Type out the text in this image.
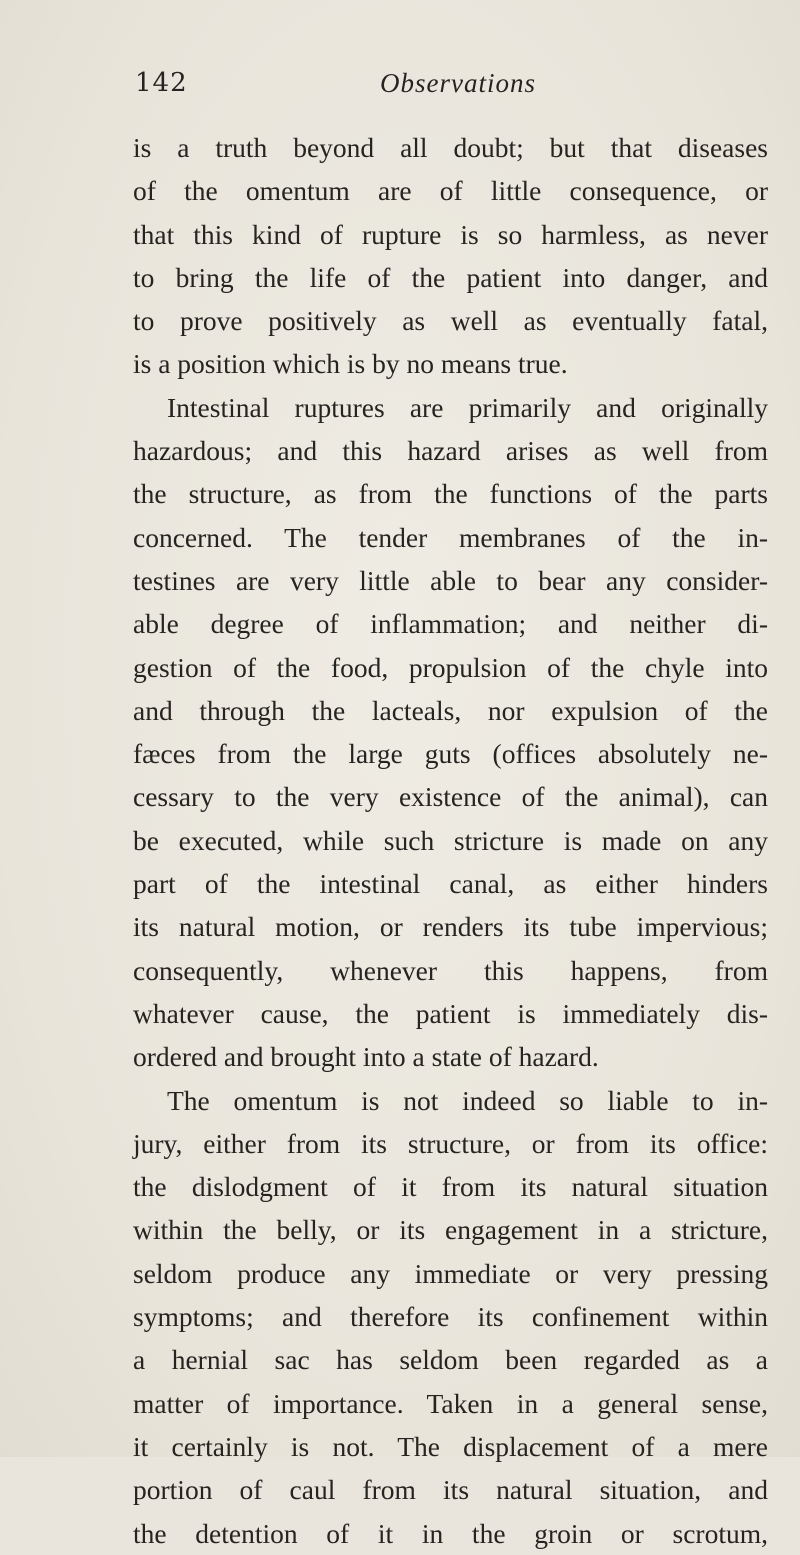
142	Observations
is a truth beyond all doubt; but that diseases
of the omentum are of little consequence, or
that this kind of rupture is so harmless, as never
to bring the life of the patient into danger, and
to prove positively as well as eventually fatal,
is a position which is by no means true.
Intestinal ruptures are primarily and originally
hazardous; and this hazard arises as well from
the structure, as from the functions of the parts
concerned. The tender membranes of the in-
testines are very little able to bear any consider-
able degree of inflammation; and neither di-
gestion of the food, propulsion of the chyle into
and through the lacteals, nor expulsion of the
fæces from the large guts (offices absolutely ne-
cessary to the very existence of the animal), can
be executed, while such stricture is made on any
part of the intestinal canal, as either hinders
its natural motion, or renders its tube impervious;
consequently, whenever this happens, from
whatever cause, the patient is immediately dis-
ordered and brought into a state of hazard.
The omentum is not indeed so liable to in-
jury, either from its structure, or from its office:
the dislodgment of it from its natural situation
within the belly, or its engagement in a stricture,
seldom produce any immediate or very pressing
symptoms; and therefore its confinement within
a hernial sac has seldom been regarded as a
matter of importance. Taken in a general sense,
it certainly is not. The displacement of a mere
portion of caul from its natural situation, and
the detention of it in the groin or scrotum,
